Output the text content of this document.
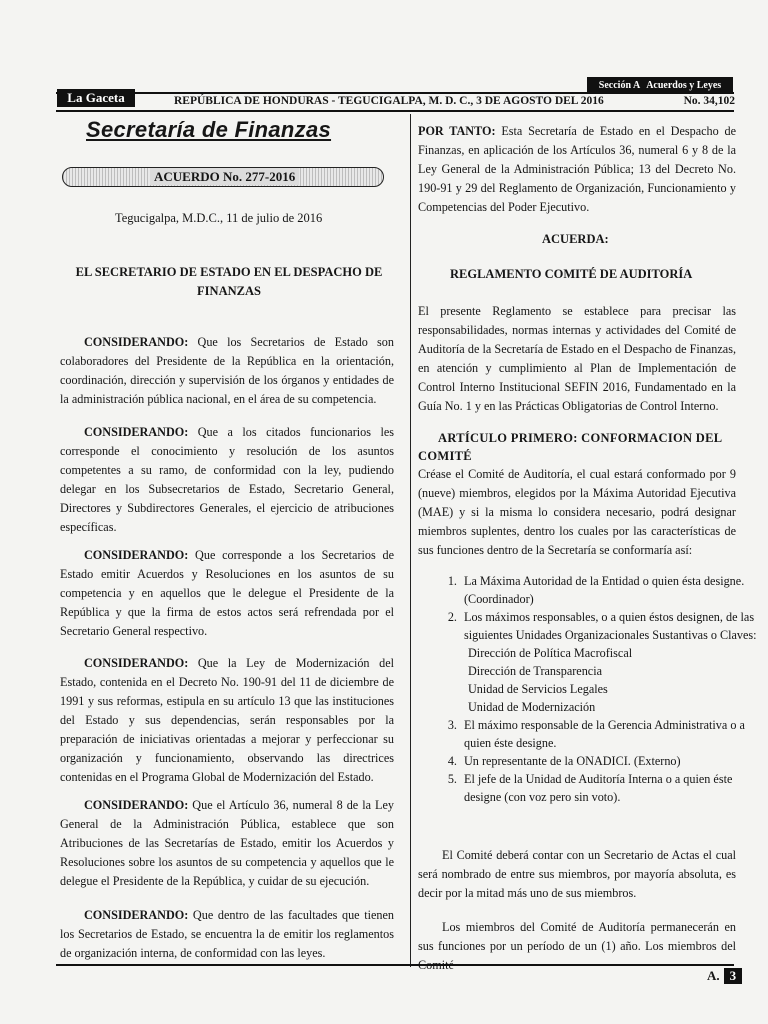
Sección A Acuerdos y Leyes
La Gaceta	REPÚBLICA DE HONDURAS - TEGUCIGALPA, M. D. C., 3 DE AGOSTO DEL 2016	No. 34,102
Secretaría de Finanzas
ACUERDO No. 277-2016
Tegucigalpa, M.D.C., 11 de julio de 2016
EL SECRETARIO DE ESTADO EN EL DESPACHO DE FINANZAS

CONSIDERANDO: Que los Secretarios de Estado son colaboradores del Presidente de la República en la orientación, coordinación, dirección y supervisión de los órganos y entidades de la administración pública nacional, en el área de su competencia.

CONSIDERANDO: Que a los citados funcionarios les corresponde el conocimiento y resolución de los asuntos competentes a su ramo, de conformidad con la ley, pudiendo delegar en los Subsecretarios de Estado, Secretario General, Directores y Subdirectores Generales, el ejercicio de atribuciones específicas.

CONSIDERANDO: Que corresponde a los Secretarios de Estado emitir Acuerdos y Resoluciones en los asuntos de su competencia y en aquellos que le delegue el Presidente de la República y que la firma de estos actos será refrendada por el Secretario General respectivo.

CONSIDERANDO: Que la Ley de Modernización del Estado, contenida en el Decreto No. 190-91 del 11 de diciembre de 1991 y sus reformas, estipula en su artículo 13 que las instituciones del Estado y sus dependencias, serán responsables por la preparación de iniciativas orientadas a mejorar y perfeccionar su organización y funcionamiento, observando las directrices contenidas en el Programa Global de Modernización del Estado.

CONSIDERANDO: Que el Artículo 36, numeral 8 de la Ley General de la Administración Pública, establece que son Atribuciones de las Secretarías de Estado, emitir los Acuerdos y Resoluciones sobre los asuntos de su competencia y aquellos que le delegue el Presidente de la República, y cuidar de su ejecución.

CONSIDERANDO: Que dentro de las facultades que tienen los Secretarios de Estado, se encuentra la de emitir los reglamentos de organización interna, de conformidad con las leyes.

POR TANTO: Esta Secretaría de Estado en el Despacho de Finanzas, en aplicación de los Artículos 36, numeral 6 y 8 de la Ley General de la Administración Pública; 13 del Decreto No. 190-91 y 29 del Reglamento de Organización, Funcionamiento y Competencias del Poder Ejecutivo.

ACUERDA:
REGLAMENTO COMITÉ DE AUDITORÍA

El presente Reglamento se establece para precisar las responsabilidades, normas internas y actividades del Comité de Auditoría de la Secretaría de Estado en el Despacho de Finanzas, en atención y cumplimiento al Plan de Implementación de Control Interno Institucional SEFIN 2016, Fundamentado en la Guía No. 1 y en las Prácticas Obligatorias de Control Interno.

ARTÍCULO PRIMERO: CONFORMACION DEL COMITÉ

Créase el Comité de Auditoría, el cual estará conformado por 9 (nueve) miembros, elegidos por la Máxima Autoridad Ejecutiva (MAE) y si la misma lo considera necesario, podrá designar miembros suplentes, dentro los cuales por las características de sus funciones dentro de la Secretaría se conformaría así:

1. La Máxima Autoridad de la Entidad o quien ésta designe. (Coordinador)
2. Los máximos responsables, o a quien éstos designen, de las siguientes Unidades Organizacionales Sustantivas o Claves:
Dirección de Política Macrofiscal
Dirección de Transparencia
Unidad de Servicios Legales
Unidad de Modernización
3. El máximo responsable de la Gerencia Administrativa o a quien éste designe.
4. Un representante de la ONADICI. (Externo)
5. El jefe de la Unidad de Auditoría Interna o a quien éste designe (con voz pero sin voto).

El Comité deberá contar con un Secretario de Actas el cual será nombrado de entre sus miembros, por mayoría absoluta, es decir por la mitad más uno de sus miembros.

Los miembros del Comité de Auditoría permanecerán en sus funciones por un período de un (1) año. Los miembros del

A. 3
